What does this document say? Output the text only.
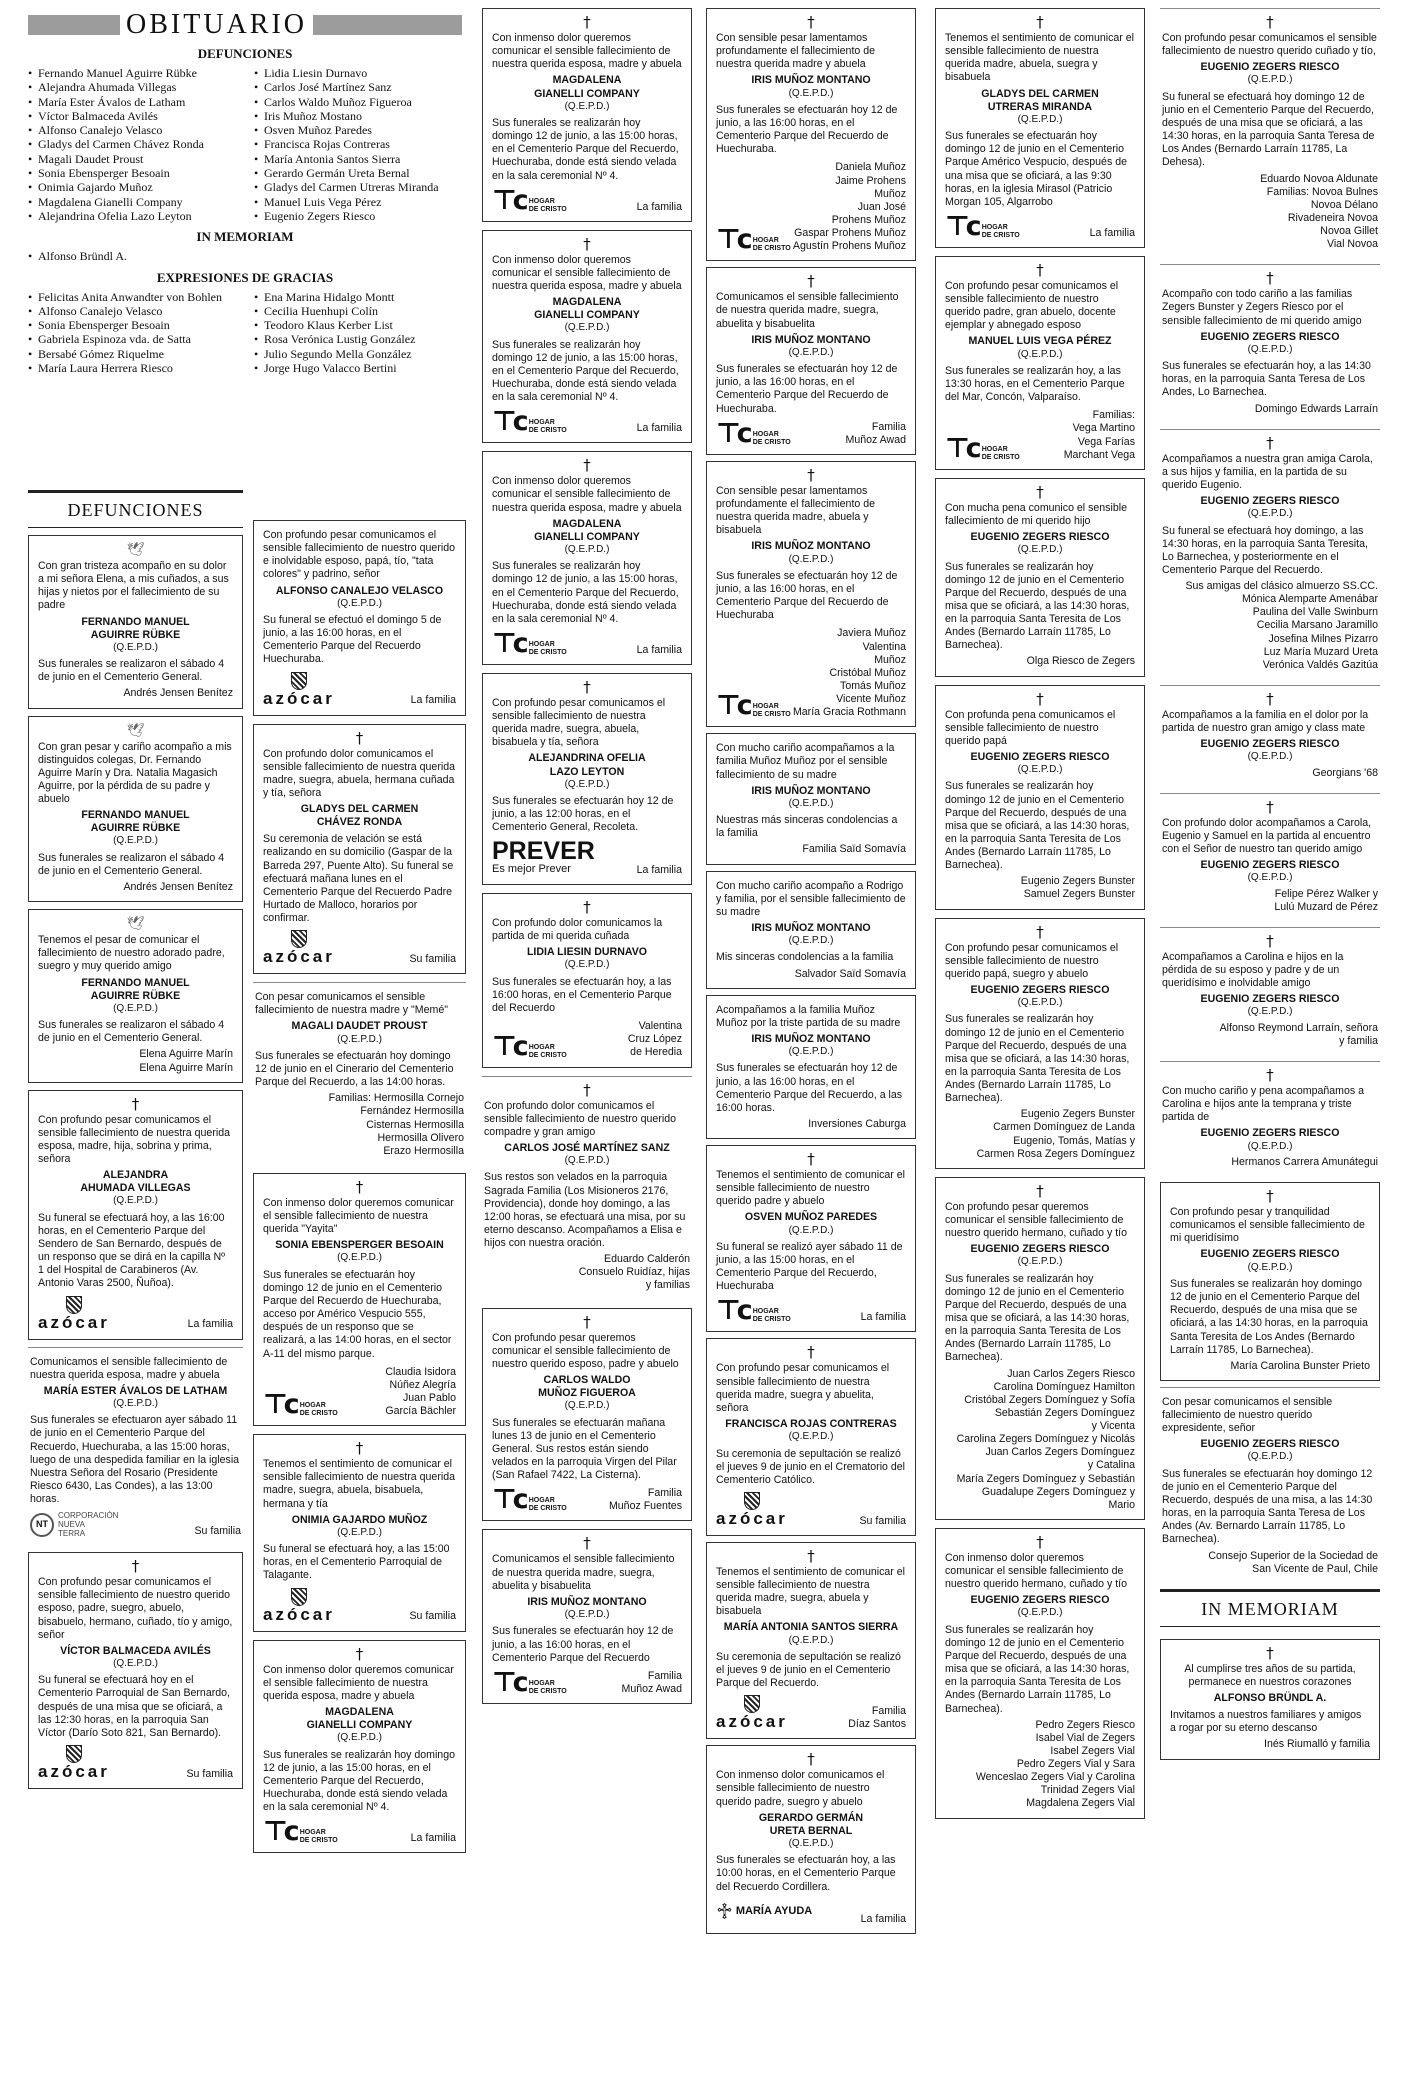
OBITUARIO
DEFUNCIONES
• Fernando Manuel Aguirre Rübke
• Alejandra Ahumada Villegas
• María Ester Ávalos de Latham
• Víctor Balmaceda Avilés
• Alfonso Canalejo Velasco
• Gladys del Carmen Chávez Ronda
• Magali Daudet Proust
• Sonia Ebensperger Besoain
• Onimia Gajardo Muñoz
• Magdalena Gianelli Company
• Alejandrina Ofelia Lazo Leyton
• Lidia Liesin Durnavo
• Carlos José Martínez Sanz
• Carlos Waldo Muñoz Figueroa
• Iris Muñoz Mostano
• Osven Muñoz Paredes
• Francisca Rojas Contreras
• María Antonia Santos Sierra
• Gerardo Germán Ureta Bernal
• Gladys del Carmen Utreras Miranda
• Manuel Luis Vega Pérez
• Eugenio Zegers Riesco
IN MEMORIAM
• Alfonso Bründl A.
EXPRESIONES DE GRACIAS
• Felicitas Anita Anwandter von Bohlen
• Alfonso Canalejo Velasco
• Sonia Ebensperger Besoain
• Gabriela Espinoza vda. de Satta
• Bersabé Gómez Riquelme
• María Laura Herrera Riesco
• Ena Marina Hidalgo Montt
• Cecilia Huenhupi Colín
• Teodoro Klaus Kerber List
• Rosa Verónica Lustig González
• Julio Segundo Mella González
• Jorge Hugo Valacco Bertini
DEFUNCIONES
🕊
Con gran tristeza acompaño en su dolor a mi señora Elena, a mis cuñados, a sus hijas y nietos por el fallecimiento de su padre
FERNANDO MANUEL
AGUIRRE RÜBKE
(Q.E.P.D.)
Sus funerales se realizaron el sábado 4 de junio en el Cementerio General.
Andrés Jensen Benítez
🕊
Con gran pesar y cariño acompaño a mis distinguidos colegas, Dr. Fernando Aguirre Marín y Dra. Natalia Magasich Aguirre, por la pérdida de su padre y abuelo
FERNANDO MANUEL
AGUIRRE RÜBKE
(Q.E.P.D.)
Sus funerales se realizaron el sábado 4 de junio en el Cementerio General.
Andrés Jensen Benítez
🕊
Tenemos el pesar de comunicar el fallecimiento de nuestro adorado padre, suegro y muy querido amigo
FERNANDO MANUEL
AGUIRRE RÜBKE
(Q.E.P.D.)
Sus funerales se realizaron el sábado 4 de junio en el Cementerio General.
Elena Aguirre Marín
Elena Aguirre Marín
†
Con profundo pesar comunicamos el sensible fallecimiento de nuestra querida esposa, madre, hija, sobrina y prima, señora
ALEJANDRA
AHUMADA VILLEGAS
(Q.E.P.D.)
Su funeral se efectuará hoy, a las 16:00 horas, en el Cementerio Parque del Sendero de San Bernardo, después de un responso que se dirá en la capilla Nº 1 del Hospital de Carabineros (Av. Antonio Varas 2500, Ñuñoa).
azócar	La familia
Comunicamos el sensible fallecimiento de nuestra querida esposa, madre y abuela
MARÍA ESTER ÁVALOS DE LATHAM
(Q.E.P.D.)
Sus funerales se efectuaron ayer sábado 11 de junio en el Cementerio Parque del Recuerdo, Huechuraba, a las 15:00 horas, luego de una despedida familiar en la iglesia Nuestra Señora del Rosario (Presidente Riesco 6430, Las Condes), a las 13:00 horas.
NT
CORPORACIÓN
NUEVA
TERRA	Su familia
†
Con profundo pesar comunicamos el sensible fallecimiento de nuestro querido esposo, padre, suegro, abuelo, bisabuelo, hermano, cuñado, tío y amigo, señor
VÍCTOR BALMACEDA AVILÉS
(Q.E.P.D.)
Su funeral se efectuará hoy en el Cementerio Parroquial de San Bernardo, después de una misa que se oficiará, a las 12:30 horas, en la parroquia San Víctor (Darío Soto 821, San Bernardo).
azócar	Su familia
Con profundo pesar comunicamos el sensible fallecimiento de nuestro querido e inolvidable esposo, papá, tío, "tata colores" y padrino, señor
ALFONSO CANALEJO VELASCO
(Q.E.P.D.)
Su funeral se efectuó el domingo 5 de junio, a las 16:00 horas, en el Cementerio Parque del Recuerdo Huechuraba.
azócar	La familia
†
Con profundo dolor comunicamos el sensible fallecimiento de nuestra querida madre, suegra, abuela, hermana cuñada y tía, señora
GLADYS DEL CARMEN
CHÁVEZ RONDA
Su ceremonia de velación se está realizando en su domicilio (Gaspar de la Barreda 297, Puente Alto). Su funeral se efectuará mañana lunes en el Cementerio Parque del Recuerdo Padre Hurtado de Malloco, horarios por confirmar.
azócar	Su familia
Con pesar comunicamos el sensible fallecimiento de nuestra madre y "Memé"
MAGALI DAUDET PROUST
(Q.E.P.D.)
Sus funerales se efectuarán hoy domingo 12 de junio en el Cinerario del Cementerio Parque del Recuerdo, a las 14:00 horas.
Familias: Hermosilla Cornejo
Fernández Hermosilla
Cisternas Hermosilla
Hermosilla Olivero
Erazo Hermosilla
†
Con inmenso dolor queremos comunicar el sensible fallecimiento de nuestra querida "Yayita"
SONIA EBENSPERGER BESOAIN
(Q.E.P.D.)
Sus funerales se efectuarán hoy domingo 12 de junio en el Cementerio Parque del Recuerdo de Huechuraba, acceso por Américo Vespucio 555, después de un responso que se realizará, a las 14:00 horas, en el sector A-11 del mismo parque.
⊤c HOGAR
DE CRISTO
Claudia Isidora
Núñez Alegría
Juan Pablo
García Bächler
†
Tenemos el sentimiento de comunicar el sensible fallecimiento de nuestra querida madre, suegra, abuela, bisabuela, hermana y tía
ONIMIA GAJARDO MUÑOZ
(Q.E.P.D.)
Su funeral se efectuará hoy, a las 15:00 horas, en el Cementerio Parroquial de Talagante.
azócar	Su familia
†
Con inmenso dolor queremos comunicar el sensible fallecimiento de nuestra querida esposa, madre y abuela
MAGDALENA
GIANELLI COMPANY
(Q.E.P.D.)
Sus funerales se realizarán hoy domingo 12 de junio, a las 15:00 horas, en el Cementerio Parque del Recuerdo, Huechuraba, donde está siendo velada en la sala ceremonial Nº 4.
⊤c HOGAR
DE CRISTO	La familia
†
Con inmenso dolor queremos comunicar el sensible fallecimiento de nuestra querida esposa, madre y abuela
MAGDALENA
GIANELLI COMPANY
(Q.E.P.D.)
Sus funerales se realizarán hoy domingo 12 de junio, a las 15:00 horas, en el Cementerio Parque del Recuerdo, Huechuraba, donde está siendo velada en la sala ceremonial Nº 4.
⊤c HOGAR
DE CRISTO	La familia
†
Con inmenso dolor queremos comunicar el sensible fallecimiento de nuestra querida esposa, madre y abuela
MAGDALENA
GIANELLI COMPANY
(Q.E.P.D.)
Sus funerales se realizarán hoy domingo 12 de junio, a las 15:00 horas, en el Cementerio Parque del Recuerdo, Huechuraba, donde está siendo velada en la sala ceremonial Nº 4.
⊤c HOGAR
DE CRISTO	La familia
†
Con inmenso dolor queremos comunicar el sensible fallecimiento de nuestra querida esposa, madre y abuela
MAGDALENA
GIANELLI COMPANY
(Q.E.P.D.)
Sus funerales se realizarán hoy domingo 12 de junio, a las 15:00 horas, en el Cementerio Parque del Recuerdo, Huechuraba, donde está siendo velada en la sala ceremonial Nº 4.
⊤c HOGAR
DE CRISTO	La familia
†
Con profundo pesar comunicamos el sensible fallecimiento de nuestra querida madre, suegra, abuela, bisabuela y tía, señora
ALEJANDRINA OFELIA
LAZO LEYTON
(Q.E.P.D.)
Sus funerales se efectuarán hoy 12 de junio, a las 12:00 horas, en el Cementerio General, Recoleta.
PREVER
Es mejor Prever	La familia
†
Con profundo dolor comunicamos la partida de mi querida cuñada
LIDIA LIESIN DURNAVO
(Q.E.P.D.)
Sus funerales se efectuarán hoy, a las 16:00 horas, en el Cementerio Parque del Recuerdo
⊤c HOGAR
DE CRISTO
Valentina
Cruz López
de Heredia
†
Con profundo dolor comunicamos el sensible fallecimiento de nuestro querido compadre y gran amigo
CARLOS JOSÉ MARTÍNEZ SANZ
(Q.E.P.D.)
Sus restos son velados en la parroquia Sagrada Familia (Los Misioneros 2176, Providencia), donde hoy domingo, a las 12:00 horas, se efectuará una misa, por su eterno descanso. Acompañamos a Elisa e hijos con nuestra oración.
Eduardo Calderón
Consuelo Ruidíaz, hijas
y familias
†
Con profundo pesar queremos comunicar el sensible fallecimiento de nuestro querido esposo, padre y abuelo
CARLOS WALDO
MUÑOZ FIGUEROA
(Q.E.P.D.)
Sus funerales se efectuarán mañana lunes 13 de junio en el Cementerio General. Sus restos están siendo velados en la parroquia Virgen del Pilar (San Rafael 7422, La Cisterna).
⊤c HOGAR
DE CRISTO
Familia
Muñoz Fuentes
†
Comunicamos el sensible fallecimiento de nuestra querida madre, suegra, abuelita y bisabuelita
IRIS MUÑOZ MONTANO
(Q.E.P.D.)
Sus funerales se efectuarán hoy 12 de junio, a las 16:00 horas, en el Cementerio Parque del Recuerdo
⊤c HOGAR
DE CRISTO
Familia
Muñoz Awad
†
Con sensible pesar lamentamos profundamente el fallecimiento de nuestra querida madre y abuela
IRIS MUÑOZ MONTANO
(Q.E.P.D.)
Sus funerales se efectuarán hoy 12 de junio, a las 16:00 horas, en el Cementerio Parque del Recuerdo de Huechuraba.
⊤c HOGAR
DE CRISTO
Daniela Muñoz
Jaime Prohens
Muñoz
Juan José
Prohens Muñoz
Gaspar Prohens Muñoz
Agustín Prohens Muñoz
†
Comunicamos el sensible fallecimiento de nuestra querida madre, suegra, abuelita y bisabuelita
IRIS MUÑOZ MONTANO
(Q.E.P.D.)
Sus funerales se efectuarán hoy 12 de junio, a las 16:00 horas, en el Cementerio Parque del Recuerdo de Huechuraba.
⊤c HOGAR
DE CRISTO
Familia
Muñoz Awad
†
Con sensible pesar lamentamos profundamente el fallecimiento de nuestra querida madre, abuela y bisabuela
IRIS MUÑOZ MONTANO
(Q.E.P.D.)
Sus funerales se efectuarán hoy 12 de junio, a las 16:00 horas, en el Cementerio Parque del Recuerdo de Huechuraba
⊤c HOGAR
DE CRISTO
Javiera Muñoz
Valentina
Muñoz
Cristóbal Muñoz
Tomás Muñoz
Vicente Muñoz
María Gracia Rothmann
Con mucho cariño acompañamos a la familia Muñoz Muñoz por el sensible fallecimiento de su madre
IRIS MUÑOZ MONTANO
(Q.E.P.D.)
Nuestras más sinceras condolencias a la familia
Familia Saïd Somavía
Con mucho cariño acompaño a Rodrigo y familia, por el sensible fallecimiento de su madre
IRIS MUÑOZ MONTANO
(Q.E.P.D.)
Mis sinceras condolencias a la familia
Salvador Saïd Somavía
Acompañamos a la familia Muñoz Muñoz por la triste partida de su madre
IRIS MUÑOZ MONTANO
(Q.E.P.D.)
Sus funerales se efectuarán hoy 12 de junio, a las 16:00 horas, en el Cementerio Parque del Recuerdo, a las 16:00 horas.
Inversiones Caburga
†
Tenemos el sentimiento de comunicar el sensible fallecimiento de nuestro querido padre y abuelo
OSVEN MUÑOZ PAREDES
(Q.E.P.D.)
Su funeral se realizó ayer sábado 11 de junio, a las 15:00 horas, en el Cementerio Parque del Recuerdo, Huechuraba
⊤c HOGAR
DE CRISTO	La familia
†
Con profundo pesar comunicamos el sensible fallecimiento de nuestra querida madre, suegra y abuelita, señora
FRANCISCA ROJAS CONTRERAS
(Q.E.P.D.)
Su ceremonia de sepultación se realizó el jueves 9 de junio en el Crematorio del Cementerio Católico.
azócar	Su familia
†
Tenemos el sentimiento de comunicar el sensible fallecimiento de nuestra querida madre, suegra, abuela y bisabuela
MARÍA ANTONIA SANTOS SIERRA
(Q.E.P.D.)
Su ceremonia de sepultación se realizó el jueves 9 de junio en el Cementerio Parque del Recuerdo.
azócar
Familia
Díaz Santos
†
Con inmenso dolor comunicamos el sensible fallecimiento de nuestro querido padre, suegro y abuelo
GERARDO GERMÁN
URETA BERNAL
(Q.E.P.D.)
Sus funerales se efectuarán hoy, a las 10:00 horas, en el Cementerio Parque del Recuerdo Cordillera.
♱ MARÍA AYUDA
La familia
†
Tenemos el sentimiento de comunicar el sensible fallecimiento de nuestra querida madre, abuela, suegra y bisabuela
GLADYS DEL CARMEN
UTRERAS MIRANDA
(Q.E.P.D.)
Sus funerales se efectuarán hoy domingo 12 de junio en el Cementerio Parque Américo Vespucio, después de una misa que se oficiará, a las 9:30 horas, en la iglesia Mirasol (Patricio Morgan 105, Algarrobo
⊤c HOGAR
DE CRISTO	La familia
†
Con profundo pesar comunicamos el sensible fallecimiento de nuestro querido padre, gran abuelo, docente ejemplar y abnegado esposo
MANUEL LUIS VEGA PÉREZ
(Q.E.P.D.)
Sus funerales se realizarán hoy, a las 13:30 horas, en el Cementerio Parque del Mar, Concón, Valparaíso.
⊤c HOGAR
DE CRISTO
Familias:
Vega Martino
Vega Farías
Marchant Vega
†
Con mucha pena comunico el sensible fallecimiento de mi querido hijo
EUGENIO ZEGERS RIESCO
(Q.E.P.D.)
Sus funerales se realizarán hoy domingo 12 de junio en el Cementerio Parque del Recuerdo, después de una misa que se oficiará, a las 14:30 horas, en la parroquia Santa Teresita de Los Andes (Bernardo Larraín 11785, Lo Barnechea).
Olga Riesco de Zegers
†
Con profunda pena comunicamos el sensible fallecimiento de nuestro querido papá
EUGENIO ZEGERS RIESCO
(Q.E.P.D.)
Sus funerales se realizarán hoy domingo 12 de junio en el Cementerio Parque del Recuerdo, después de una misa que se oficiará, a las 14:30 horas, en la parroquia Santa Teresita de Los Andes (Bernardo Larraín 11785, Lo Barnechea).
Eugenio Zegers Bunster
Samuel Zegers Bunster
†
Con profundo pesar comunicamos el sensible fallecimiento de nuestro querido papá, suegro y abuelo
EUGENIO ZEGERS RIESCO
(Q.E.P.D.)
Sus funerales se realizarán hoy domingo 12 de junio en el Cementerio Parque del Recuerdo, después de una misa que se oficiará, a las 14:30 horas, en la parroquia Santa Teresita de Los Andes (Bernardo Larraín 11785, Lo Barnechea).
Eugenio Zegers Bunster
Carmen Domínguez de Landa
Eugenio, Tomás, Matías y
Carmen Rosa Zegers Domínguez
†
Con profundo pesar queremos comunicar el sensible fallecimiento de nuestro querido hermano, cuñado y tío
EUGENIO ZEGERS RIESCO
(Q.E.P.D.)
Sus funerales se realizarán hoy domingo 12 de junio en el Cementerio Parque del Recuerdo, después de una misa que se oficiará, a las 14:30 horas, en la parroquia Santa Teresita de Los Andes (Bernardo Larraín 11785, Lo Barnechea).
Juan Carlos Zegers Riesco
Carolina Domínguez Hamilton
Cristóbal Zegers Domínguez y Sofía
Sebastián Zegers Domínguez
y Vicenta
Carolina Zegers Domínguez y Nicolás
Juan Carlos Zegers Domínguez
y Catalina
María Zegers Domínguez y Sebastián
Guadalupe Zegers Domínguez y
Mario
†
Con inmenso dolor queremos comunicar el sensible fallecimiento de nuestro querido hermano, cuñado y tío
EUGENIO ZEGERS RIESCO
(Q.E.P.D.)
Sus funerales se realizarán hoy domingo 12 de junio en el Cementerio Parque del Recuerdo, después de una misa que se oficiará, a las 14:30 horas, en la parroquia Santa Teresita de Los Andes (Bernardo Larraín 11785, Lo Barnechea).
Pedro Zegers Riesco
Isabel Vial de Zegers
Isabel Zegers Vial
Pedro Zegers Vial y Sara
Wenceslao Zegers Vial y Carolina
Trinidad Zegers Vial
Magdalena Zegers Vial
†
Con profundo pesar comunicamos el sensible fallecimiento de nuestro querido cuñado y tío,
EUGENIO ZEGERS RIESCO
(Q.E.P.D.)
Su funeral se efectuará hoy domingo 12 de junio en el Cementerio Parque del Recuerdo, después de una misa que se oficiará, a las 14:30 horas, en la parroquia Santa Teresa de Los Andes (Bernardo Larraín 11785, La Dehesa).
Eduardo Novoa Aldunate
Familias: Novoa Bulnes
Novoa Délano
Rivadeneira Novoa
Novoa Gillet
Vial Novoa
†
Acompaño con todo cariño a las familias Zegers Bunster y Zegers Riesco por el sensible fallecimiento de mi querido amigo
EUGENIO ZEGERS RIESCO
(Q.E.P.D.)
Sus funerales se efectuarán hoy, a las 14:30 horas, en la parroquia Santa Teresa de Los Andes, Lo Barnechea.
Domingo Edwards Larraín
†
Acompañamos a nuestra gran amiga Carola, a sus hijos y familia, en la partida de su querido Eugenio.
EUGENIO ZEGERS RIESCO
(Q.E.P.D.)
Su funeral se efectuará hoy domingo, a las 14:30 horas, en la parroquia Santa Teresita, Lo Barnechea, y posteriormente en el Cementerio Parque del Recuerdo.
Sus amigas del clásico almuerzo SS.CC.
Mónica Alemparte Amenábar
Paulina del Valle Swinburn
Cecilia Marsano Jaramillo
Josefina Milnes Pizarro
Luz María Muzard Ureta
Verónica Valdés Gazitúa
†
Acompañamos a la familia en el dolor por la partida de nuestro gran amigo y class mate
EUGENIO ZEGERS RIESCO
(Q.E.P.D.)
Georgians '68
†
Con profundo dolor acompañamos a Carola, Eugenio y Samuel en la partida al encuentro con el Señor de nuestro tan querido amigo
EUGENIO ZEGERS RIESCO
(Q.E.P.D.)
Felipe Pérez Walker y
Lulú Muzard de Pérez
†
Acompañamos a Carolina e hijos en la pérdida de su esposo y padre y de un queridísimo e inolvidable amigo
EUGENIO ZEGERS RIESCO
(Q.E.P.D.)
Alfonso Reymond Larraín, señora
y familia
†
Con mucho cariño y pena acompañamos a Carolina e hijos ante la temprana y triste partida de
EUGENIO ZEGERS RIESCO
(Q.E.P.D.)
Hermanos Carrera Amunátegui
†
Con profundo pesar y tranquilidad comunicamos el sensible fallecimiento de mi queridísimo
EUGENIO ZEGERS RIESCO
(Q.E.P.D.)
Sus funerales se realizarán hoy domingo 12 de junio en el Cementerio Parque del Recuerdo, después de una misa que se oficiará, a las 14:30 horas, en la parroquia Santa Teresita de Los Andes (Bernardo Larraín 11785, Lo Barnechea).
María Carolina Bunster Prieto
Con pesar comunicamos el sensible fallecimiento de nuestro querido expresidente, señor
EUGENIO ZEGERS RIESCO
(Q.E.P.D.)
Sus funerales se efectuarán hoy domingo 12 de junio en el Cementerio Parque del Recuerdo, después de una misa, a las 14:30 horas, en la parroquia Santa Teresa de Los Andes (Av. Bernardo Larraín 11785, Lo Barnechea).
Consejo Superior de la Sociedad de
San Vicente de Paul, Chile
IN MEMORIAM
†
Al cumplirse tres años de su partida, permanece en nuestros corazones
ALFONSO BRÜNDL A.
Invitamos a nuestros familiares y amigos a rogar por su eterno descanso
Inés Riumalló y familia
